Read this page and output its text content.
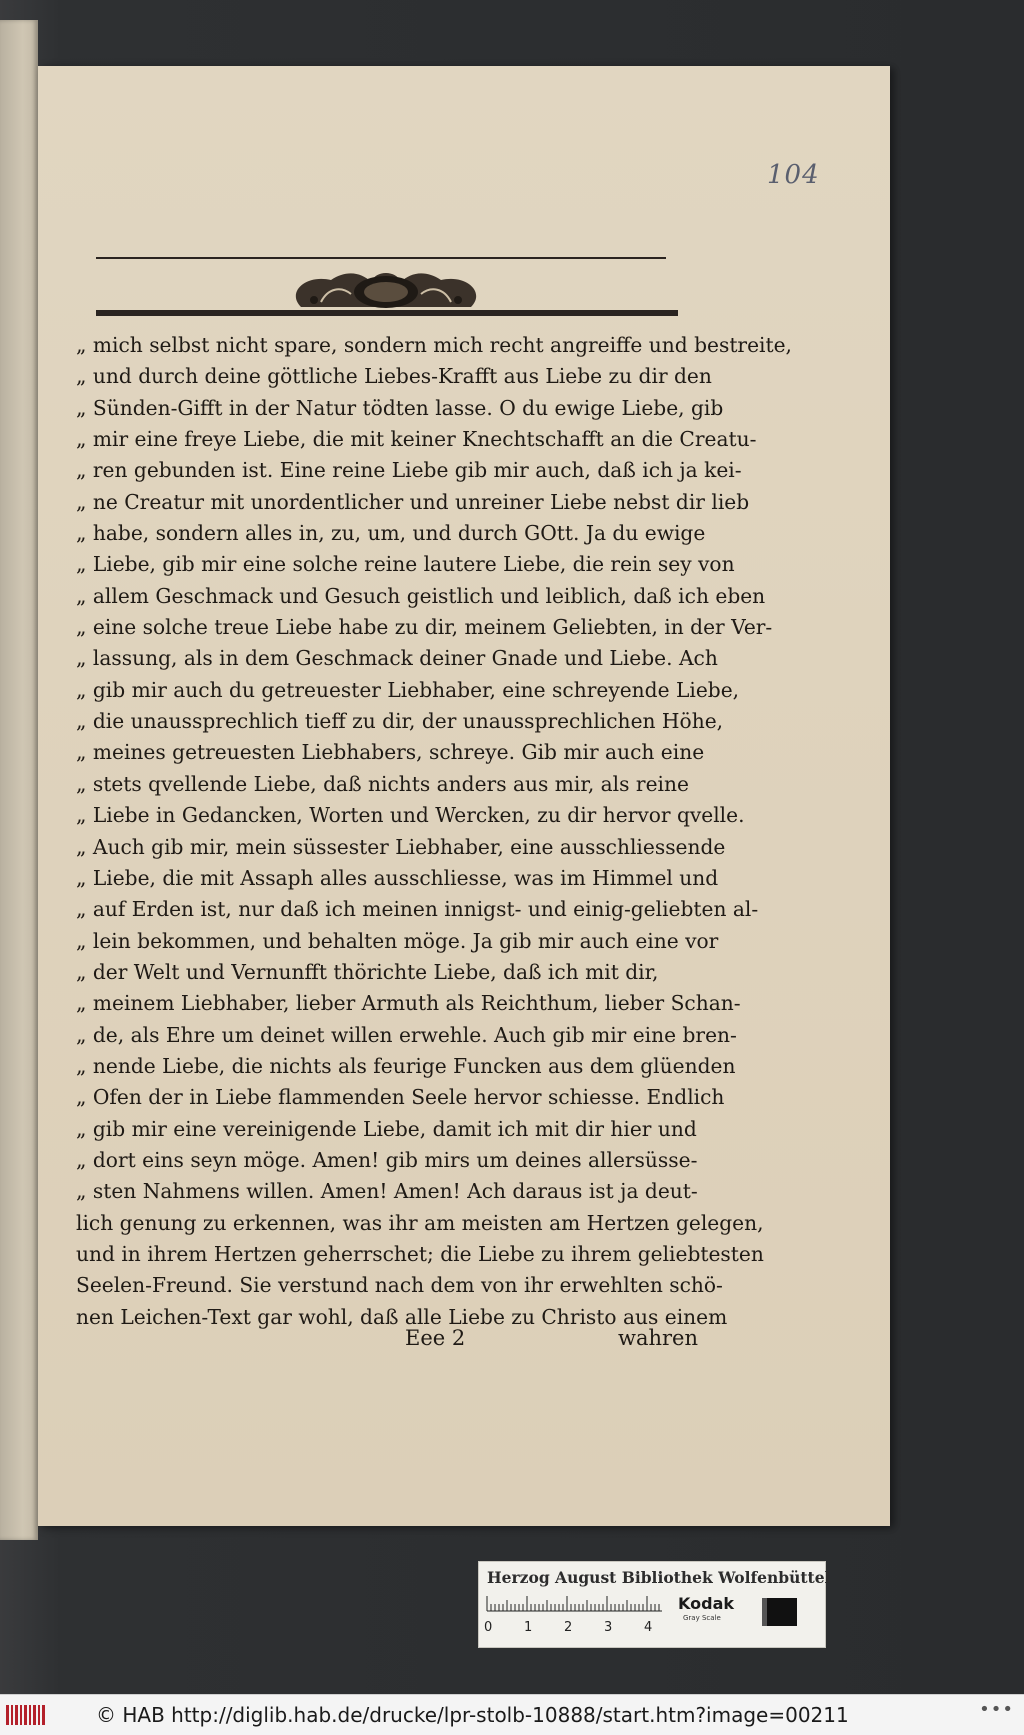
104
„ mich selbst nicht spare, sondern mich recht angreiffe und bestreite,
„ und durch deine göttliche Liebes-Krafft aus Liebe zu dir den
„ Sünden-Gifft in der Natur tödten lasse. O du ewige Liebe, gib
„ mir eine freye Liebe, die mit keiner Knechtschafft an die Creatu-
„ ren gebunden ist. Eine reine Liebe gib mir auch, daß ich ja kei-
„ ne Creatur mit unordentlicher und unreiner Liebe nebst dir lieb
„ habe, sondern alles in, zu, um, und durch GOtt. Ja du ewige
„ Liebe, gib mir eine solche reine lautere Liebe, die rein sey von
„ allem Geschmack und Gesuch geistlich und leiblich, daß ich eben
„ eine solche treue Liebe habe zu dir, meinem Geliebten, in der Ver-
„ lassung, als in dem Geschmack deiner Gnade und Liebe. Ach
„ gib mir auch du getreuester Liebhaber, eine schreyende Liebe,
„ die unaussprechlich tieff zu dir, der unaussprechlichen Höhe,
„ meines getreuesten Liebhabers, schreye. Gib mir auch eine
„ stets qvellende Liebe, daß nichts anders aus mir, als reine
„ Liebe in Gedancken, Worten und Wercken, zu dir hervor qvelle.
„ Auch gib mir, mein süssester Liebhaber, eine ausschliessende
„ Liebe, die mit Assaph alles ausschliesse, was im Himmel und
„ auf Erden ist, nur daß ich meinen innigst- und einig-geliebten al-
„ lein bekommen, und behalten möge. Ja gib mir auch eine vor
„ der Welt und Vernunfft thörichte Liebe, daß ich mit dir,
„ meinem Liebhaber, lieber Armuth als Reichthum, lieber Schan-
„ de, als Ehre um deinet willen erwehle. Auch gib mir eine bren-
„ nende Liebe, die nichts als feurige Funcken aus dem glüenden
„ Ofen der in Liebe flammenden Seele hervor schiesse. Endlich
„ gib mir eine vereinigende Liebe, damit ich mit dir hier und
„ dort eins seyn möge. Amen! gib mirs um deines allersüsse-
„ sten Nahmens willen. Amen! Amen! Ach daraus ist ja deut-
lich genung zu erkennen, was ihr am meisten am Hertzen gelegen,
und in ihrem Hertzen geherrschet; die Liebe zu ihrem geliebtesten
Seelen-Freund. Sie verstund nach dem von ihr erwehlten schö-
nen Leichen-Text gar wohl, daß alle Liebe zu Christo aus einem
Eee 2	wahren
Herzog August Bibliothek Wolfenbüttel
0 1 2 3 4
Kodak
Gray Scale
© HAB http://diglib.hab.de/drucke/lpr-stolb-10888/start.htm?image=00211	•••
